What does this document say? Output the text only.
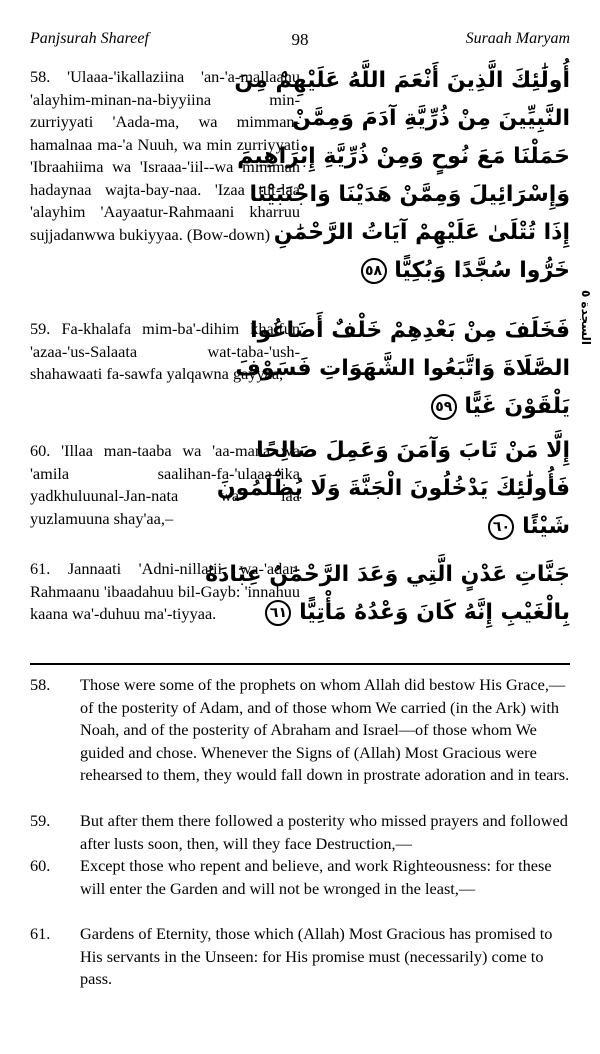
Panjsurah Shareef	98	Suraah Maryam
58. 'Ulaaa-'ikallaziina 'an-'a-mallaahu 'alayhim-minan-na-biyyiina min-zurriyyati 'Aada-ma, wa mimman-hamalnaa ma-'a Nuuh, wa min zurriyyati 'Ibraahiima wa 'Israaa-'iil--wa mimman hadaynaa wajta-bay-naa. 'Izaa tut-laa 'alayhim 'Aayaatur-Rahmaani kharruu sujjadanwwa bukiyyaa. (Bow-down)
أُولَٰئِكَ الَّذِينَ أَنْعَمَ اللَّهُ عَلَيْهِمْ مِنَ
النَّبِيِّينَ مِنْ ذُرِّيَّةِ آدَمَ وَمِمَّنْ
حَمَلْنَا مَعَ نُوحٍ وَمِنْ ذُرِّيَّةِ إِبْرَاهِيمَ
وَإِسْرَائِيلَ وَمِمَّنْ هَدَيْنَا وَاجْتَبَيْنَا
إِذَا تُتْلَىٰ عَلَيْهِمْ آيَاتُ الرَّحْمَٰنِ
خَرُّوا سُجَّدًا وَبُكِيًّا ٥٨
السجدة ٥
59. Fa-khalafa mim-ba'-dihim khalfun 'azaa-'us-Salaata wat-taba-'ush-shahawaati fa-sawfa yalqawna gayyaa,
فَخَلَفَ مِنْ بَعْدِهِمْ خَلْفٌ أَضَاعُوا
الصَّلَاةَ وَاتَّبَعُوا الشَّهَوَاتِ فَسَوْفَ
يَلْقَوْنَ غَيًّا ٥٩
60. 'Illaa man-taaba wa 'aa-mana wa 'amila saalihan-fa-'ulaaa-'ika yadkhuluunal-Jan-nata wa laa yuzlamuuna shay'aa,–
إِلَّا مَنْ تَابَ وَآمَنَ وَعَمِلَ صَالِحًا
فَأُولَٰئِكَ يَدْخُلُونَ الْجَنَّةَ وَلَا يُظْلَمُونَ
شَيْئًا ٦٠
61. Jannaati 'Adni-nillatii wa-'adar-Rahmaanu 'ibaadahuu bil-Gayb: 'innahuu kaana wa'-duhuu ma'-tiyyaa.
جَنَّاتِ عَدْنٍ الَّتِي وَعَدَ الرَّحْمَٰنُ عِبَادَهُ
بِالْغَيْبِ إِنَّهُ كَانَ وَعْدُهُ مَأْتِيًّا ٦١
58.	Those were some of the prophets on whom Allah did bestow His Grace,—of the posterity of Adam, and of those whom We carried (in the Ark) with Noah, and of the posterity of Abraham and Israel—of those whom We guided and chose. Whenever the Signs of (Allah) Most Gracious were rehearsed to them, they would fall down in prostrate adoration and in tears.
59.	But after them there followed a posterity who missed prayers and followed after lusts soon, then, will they face Destruction,—
60.	Except those who repent and believe, and work Righteousness: for these will enter the Garden and will not be wronged in the least,—
61.	Gardens of Eternity, those which (Allah) Most Gracious has promised to His servants in the Unseen: for His promise must (necessarily) come to pass.
